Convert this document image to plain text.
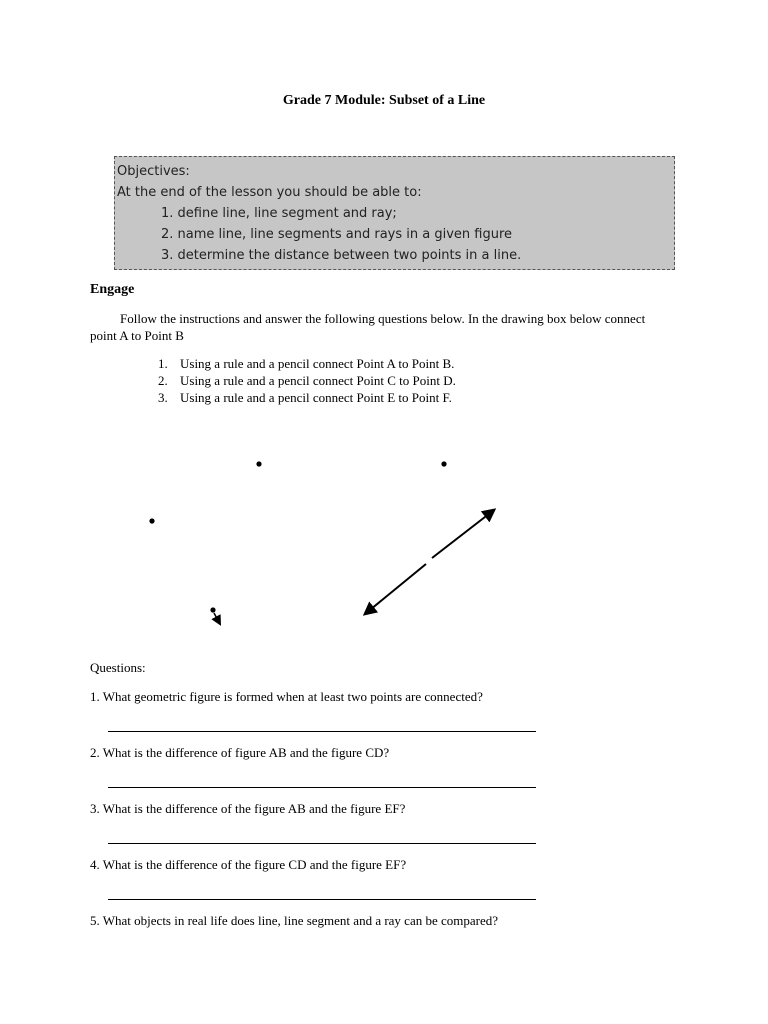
Grade 7 Module: Subset of a Line
Objectives:
At the end of the lesson you should be able to:
1. define line, line segment and ray;
2. name line, line segments and rays in a given figure
3. determine the distance between two points in a line.
Engage
Follow the instructions and answer the following questions below. In the drawing box below connect point A to Point B
1. Using a rule and a pencil connect Point A to Point B.
2. Using a rule and a pencil connect Point C to Point D.
3. Using a rule and a pencil connect Point E to Point F.
Questions:
1. What geometric figure is formed when at least two points are connected?
2. What is the difference of figure AB and the figure CD?
3. What is the difference of the figure AB and the figure EF?
4. What is the difference of the figure CD and the figure EF?
5. What objects in real life does line, line segment and a ray can be compared?
